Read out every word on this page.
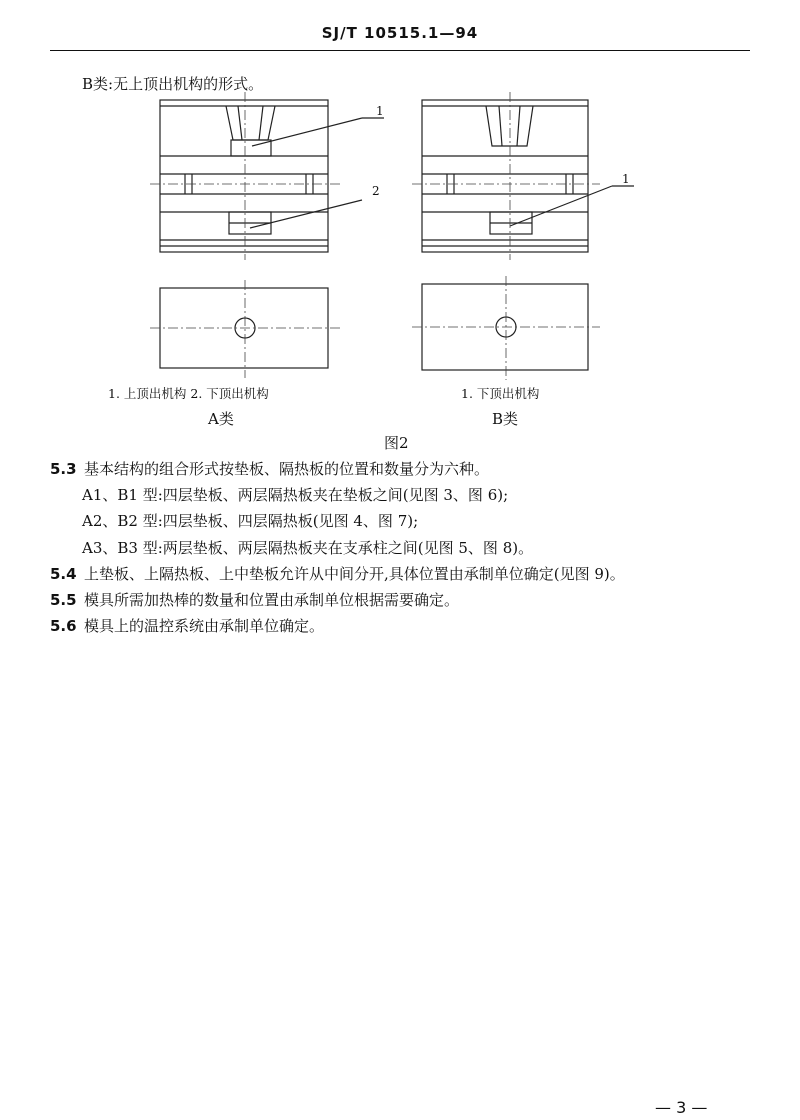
SJ/T 10515.1—94
B类:无上顶出机构的形式。
1
2
1
1. 上顶出机构 2. 下顶出机构	1. 下顶出机构
A类	B类
图2
5.3 基本结构的组合形式按垫板、隔热板的位置和数量分为六种。
A1、B1 型:四层垫板、两层隔热板夹在垫板之间(见图 3、图 6);
A2、B2 型:四层垫板、四层隔热板(见图 4、图 7);
A3、B3 型:两层垫板、两层隔热板夹在支承柱之间(见图 5、图 8)。
5.4 上垫板、上隔热板、上中垫板允许从中间分开,具体位置由承制单位确定(见图 9)。
5.5 模具所需加热棒的数量和位置由承制单位根据需要确定。
5.6 模具上的温控系统由承制单位确定。
— 3 —
